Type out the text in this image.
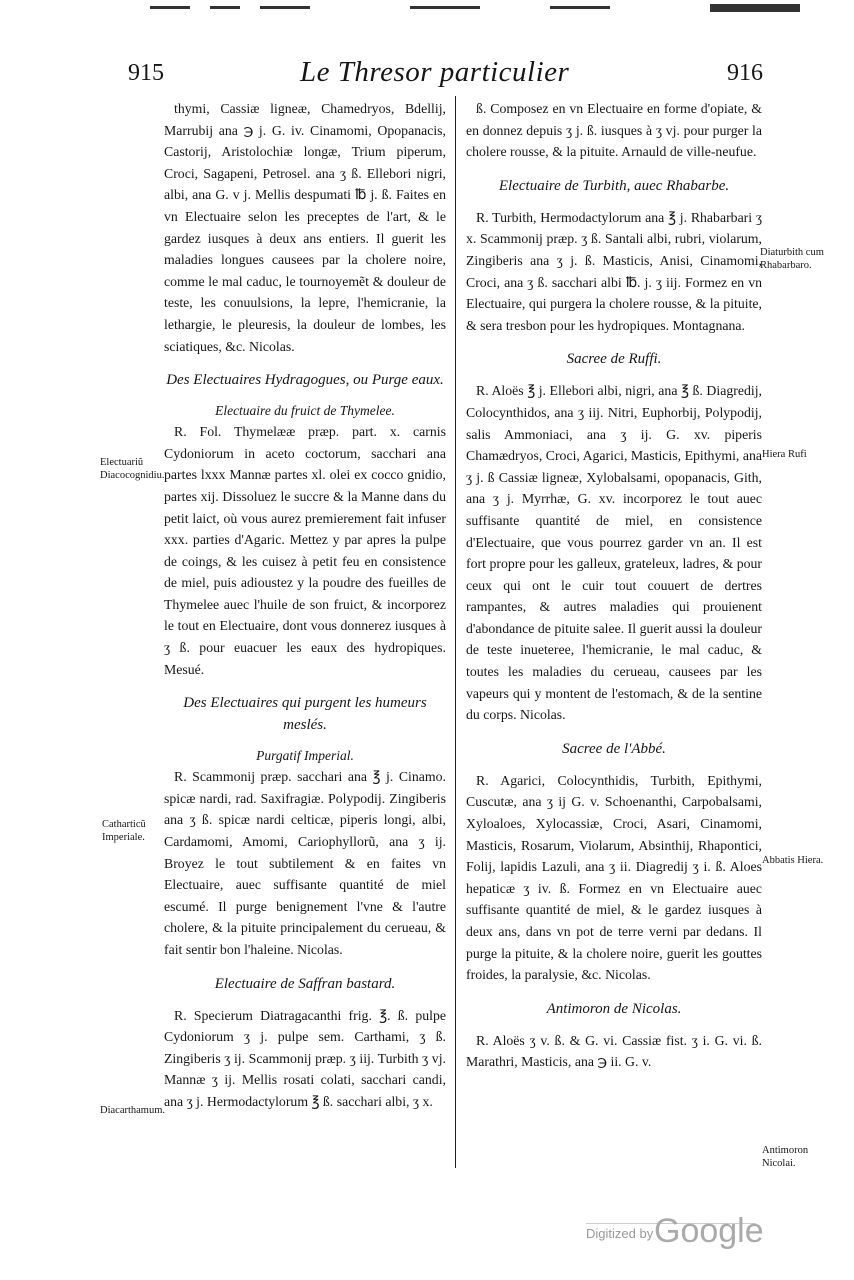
915	Le Thresor particulier	916

thymi, Cassiæ ligneæ, Chamedryos, Bdellij, Marrubij ana ℈ j. G. iv. Cinamomi, Opopanacis, Castorij, Aristolochiæ longæ, Trium piperum, Croci, Sagapeni, Petrosel. ana ʒ ß. Ellebori nigri, albi, ana G. v j. Mellis despumati ℔ j. ß. Faites en vn Electuaire selon les preceptes de l'art, & le gardez iusques à deux ans entiers. Il guerit les maladies longues causees par la cholere noire, comme le mal caduc, le tournoyemẽt & douleur de teste, les conuulsions, la lepre, l'hemicranie, la lethargie, le pleuresis, la douleur de lombes, les sciatiques, &c. Nicolas.

Des Electuaires Hydragogues, ou Purge eaux.
Electuaire du fruict de Thymelee.

R. Fol. Thymelææ præp. part. x. carnis Cydoniorum in aceto coctorum, sacchari ana partes lxxx Mannæ partes xl. olei ex cocco gnidio, partes xij. Dissoluez le succre & la Manne dans du petit laict, où vous aurez premierement fait infuser xxx. parties d'Agaric. Mettez y par apres la pulpe de coings, & les cuisez à petit feu en consistence de miel, puis adioustez y la poudre des fueilles de Thymelee auec l'huile de son fruict, & incorporez le tout en Electuaire, dont vous donnerez iusques à ʒ ß. pour euacuer les eaux des hydropiques. Mesué.

Des Electuaires qui purgent les humeurs meslés.
Purgatif Imperial.

R. Scammonij præp. sacchari ana ℥ j. Cinamo. spicæ nardi, rad. Saxifragiæ. Polypodij. Zingiberis ana ʒ ß. spicæ nardi celticæ, piperis longi, albi, Cardamomi, Amomi, Cariophyllorũ, ana ʒ ij. Broyez le tout subtilement & en faites vn Electuaire, auec suffisante quantité de miel escumé. Il purge benignement l'vne & l'autre cholere, & la pituite principalement du cerueau, & fait sentir bon l'haleine. Nicolas.

Electuaire de Saffran bastard.

R. Specierum Diatragacanthi frig. ℥. ß. pulpe Cydoniorum ʒ j. pulpe sem. Carthami, ʒ ß. Zingiberis ʒ ij. Scammonij præp. ʒ iij. Turbith ʒ vj. Mannæ ʒ ij. Mellis rosati colati, sacchari candi, ana ʒ j. Hermodactylorum ℥ ß. sacchari albi, ʒ x.

ß. Composez en vn Electuaire en forme d'opiate, & en donnez depuis ʒ j. ß. iusques à ʒ vj. pour purger la cholere rousse, & la pituite. Arnauld de ville-neufue.

Electuaire de Turbith, auec Rhabarbe.

R. Turbith, Hermodactylorum ana ℥ j. Rhabarbari ʒ x. Scammonij præp. ʒ ß. Santali albi, rubri, violarum, Zingiberis ana ʒ j. ß. Masticis, Anisi, Cinamomi, Croci, ana ʒ ß. sacchari albi ℔. j. ʒ iij. Formez en vn Electuaire, qui purgera la cholere rousse, & la pituite, & sera tresbon pour les hydropiques. Montagnana.

Sacree de Ruffi.

R. Aloës ℥ j. Ellebori albi, nigri, ana ℥ ß. Diagredij, Colocynthidos, ana ʒ iij. Nitri, Euphorbij, Polypodij, salis Ammoniaci, ana ʒ ij. G. xv. piperis Chamædryos, Croci, Agarici, Masticis, Epithymi, ana ʒ j. ß Cassiæ ligneæ, Xylobalsami, opopanacis, Gith, ana ʒ j. Myrrhæ, G. xv. incorporez le tout auec suffisante quantité de miel, en consistence d'Electuaire, que vous pourrez garder vn an. Il est fort propre pour les galleux, grateleux, ladres, & pour ceux qui ont le cuir tout couuert de dertres rampantes, & autres maladies qui prouienent d'abondance de pituite salee. Il guerit aussi la douleur de teste inueteree, l'hemicranie, le mal caduc, & toutes les maladies du cerueau, causees par les vapeurs qui y montent de l'estomach, & de la sentine du corps. Nicolas.

Sacree de l'Abbé.

R. Agarici, Colocynthidis, Turbith, Epithymi, Cuscutæ, ana ʒ ij G. v. Schoenanthi, Carpobalsami, Xyloaloes, Xylocassiæ, Croci, Asari, Cinamomi, Masticis, Rosarum, Violarum, Absinthij, Rhapontici, Folij, lapidis Lazuli, ana ʒ ii. Diagredij ʒ i. ß. Aloes hepaticæ ʒ iv. ß. Formez en vn Electuaire auec suffisante quantité de miel, & le gardez iusques à deux ans, dans vn pot de terre verni par dedans. Il purge la pituite, & la cholere noire, guerit les gouttes froides, la paralysie, &c. Nicolas.

Antimoron de Nicolas.

R. Aloës ʒ v. ß. & G. vi. Cassiæ fist. ʒ i. G. vi. ß. Marathri, Masticis, ana ℈ ii. G. v.

Electuariũ Diacocognidiu.
Catharticũ Imperiale.
Diacarthamum.
Diaturbith cum Rhabarbaro.
Hiera Rufi
Abbatis Hiera.
Antimoron Nicolai.
Digitized by Google
